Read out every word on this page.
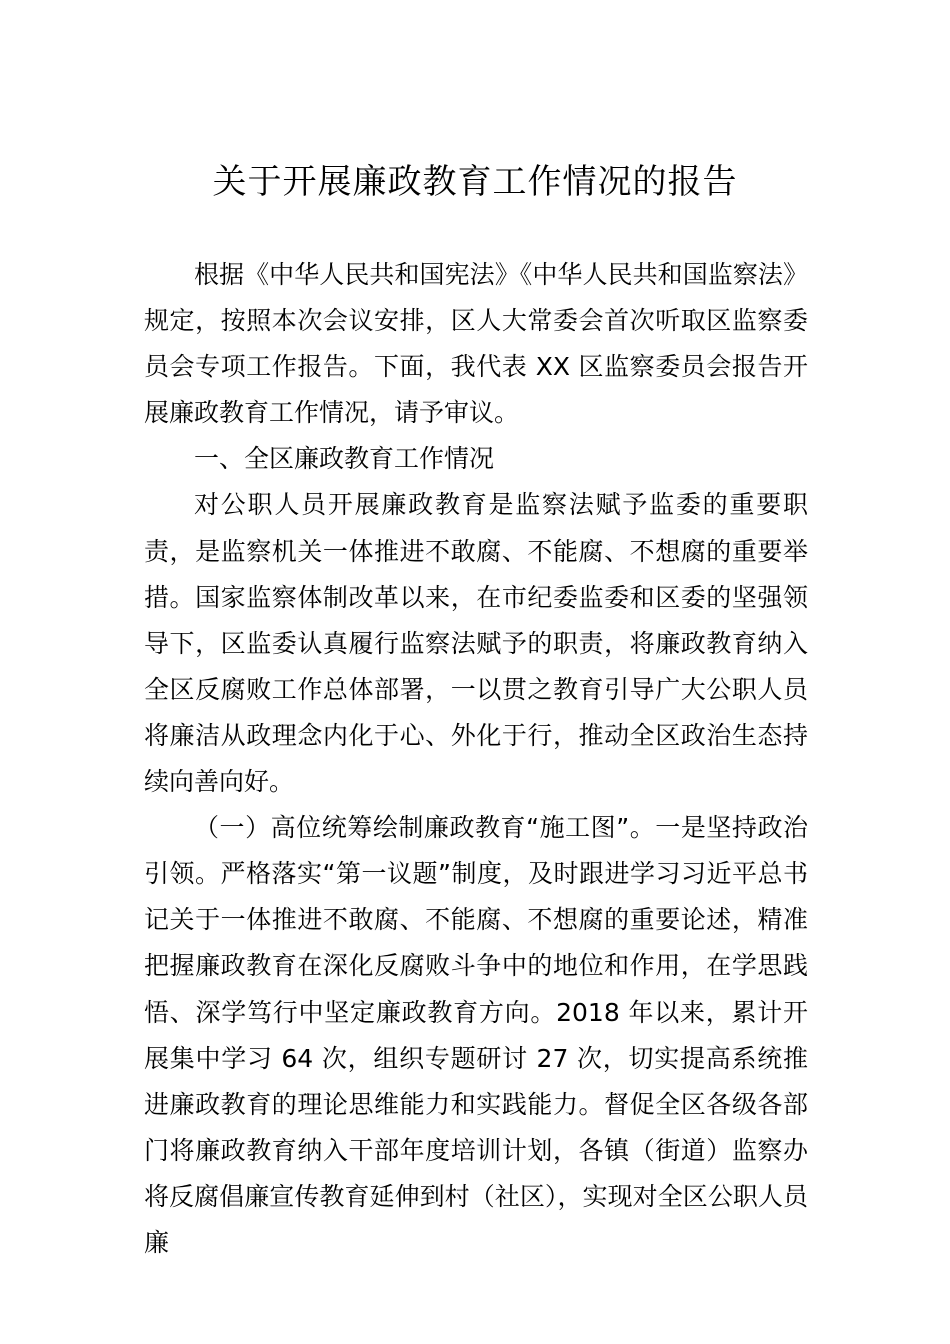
关于开展廉政教育工作情况的报告

根据《中华人民共和国宪法》《中华人民共和国监察法》规定，按照本次会议安排，区人大常委会首次听取区监察委员会专项工作报告。下面，我代表 XX 区监察委员会报告开展廉政教育工作情况，请予审议。

一、全区廉政教育工作情况

对公职人员开展廉政教育是监察法赋予监委的重要职责，是监察机关一体推进不敢腐、不能腐、不想腐的重要举措。国家监察体制改革以来，在市纪委监委和区委的坚强领导下，区监委认真履行监察法赋予的职责，将廉政教育纳入全区反腐败工作总体部署，一以贯之教育引导广大公职人员将廉洁从政理念内化于心、外化于行，推动全区政治生态持续向善向好。

（一）高位统筹绘制廉政教育“施工图”。一是坚持政治引领。严格落实“第一议题”制度，及时跟进学习习近平总书记关于一体推进不敢腐、不能腐、不想腐的重要论述，精准把握廉政教育在深化反腐败斗争中的地位和作用，在学思践悟、深学笃行中坚定廉政教育方向。2018 年以来，累计开展集中学习 64 次，组织专题研讨 27 次，切实提高系统推进廉政教育的理论思维能力和实践能力。督促全区各级各部门将廉政教育纳入干部年度培训计划，各镇（街道）监察办将反腐倡廉宣传教育延伸到村（社区），实现对全区公职人员廉
